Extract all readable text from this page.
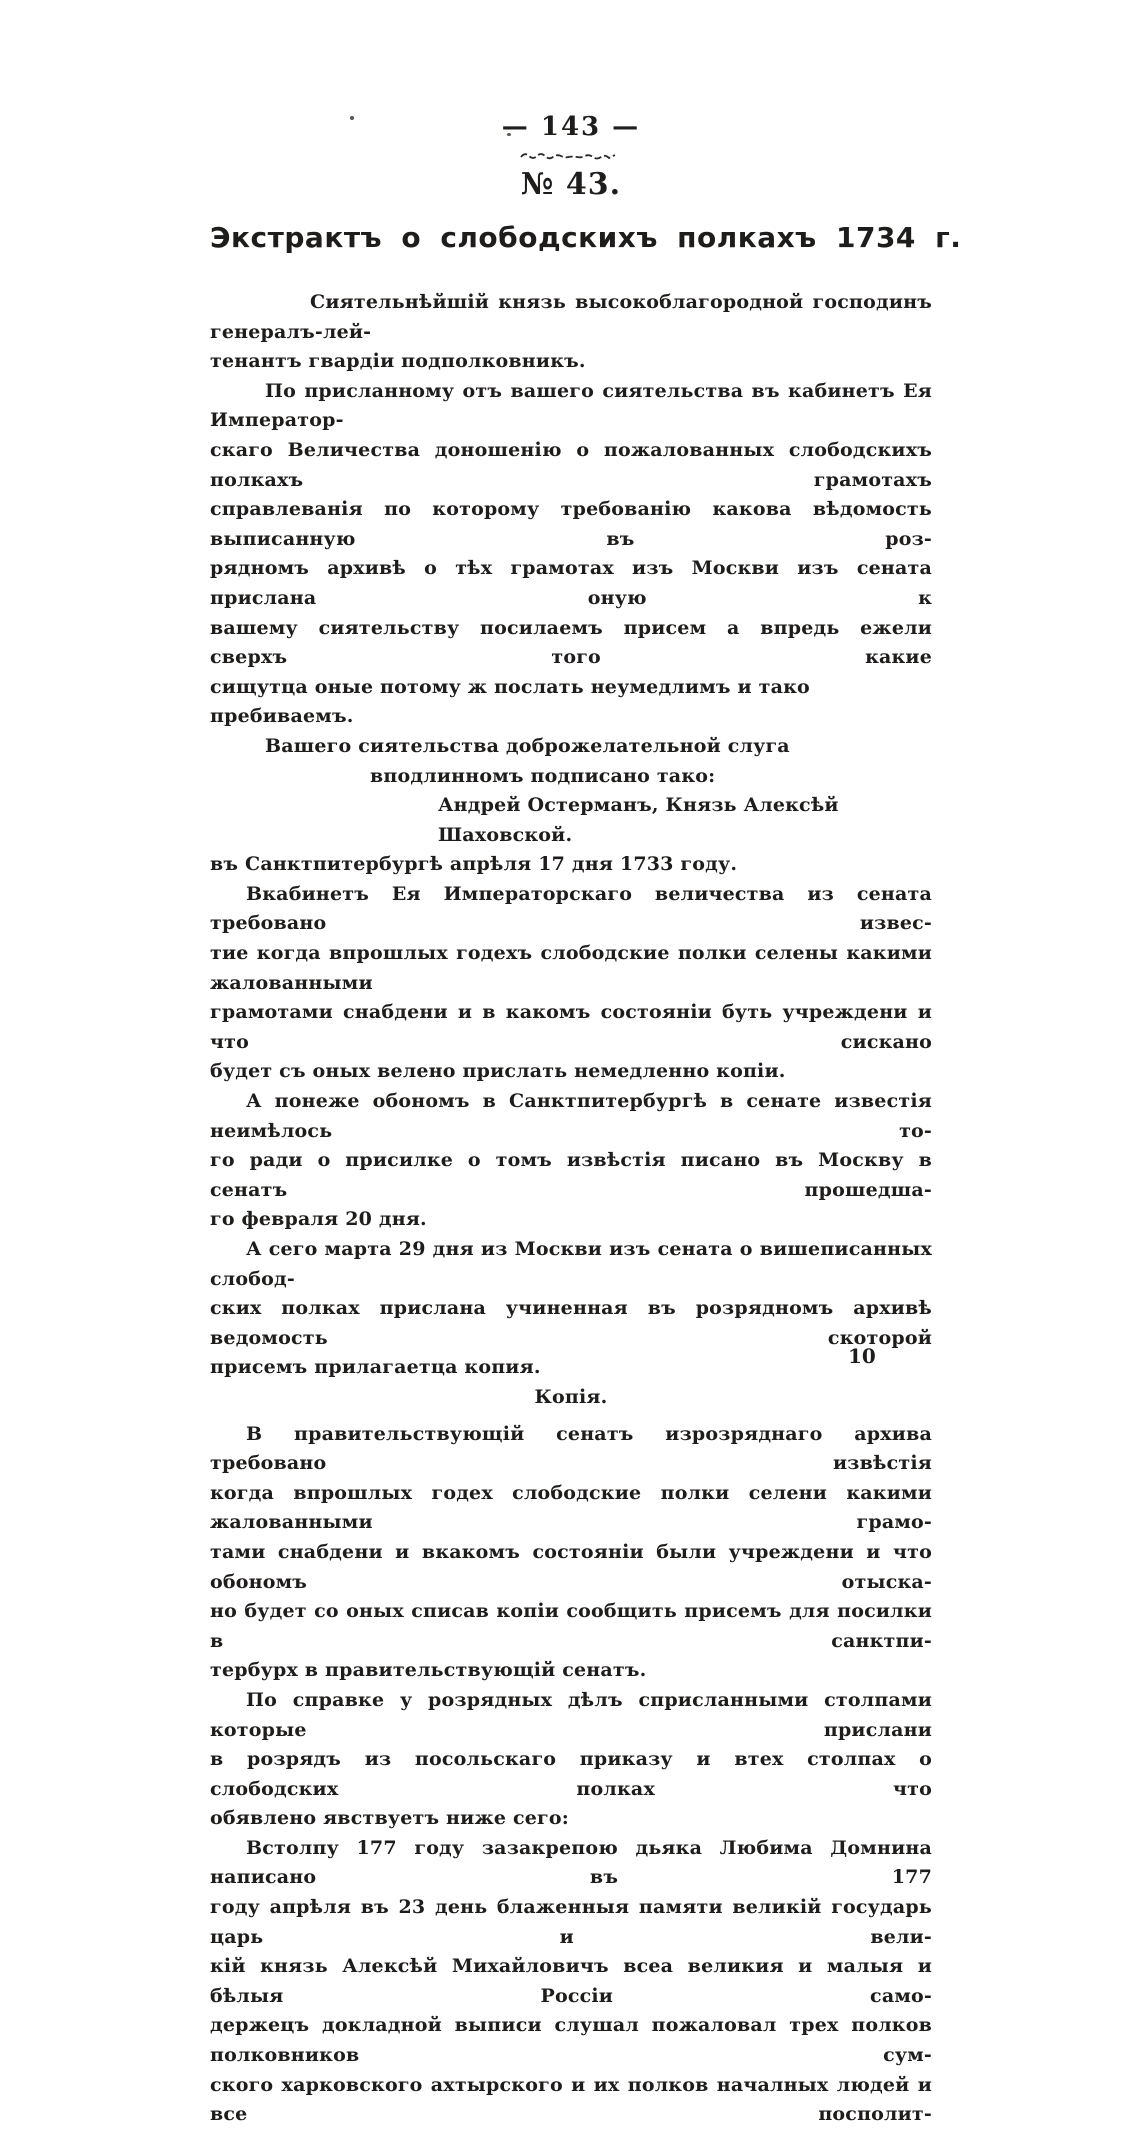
— 143 —
№ 43.
Экстрактъ о слободскихъ полкахъ 1734 г.
Сиятельнѣйшій князь высокоблагородной господинъ генералъ-лей-
тенантъ гвардіи подполковникъ.
По присланному отъ вашего сиятельства въ кабинетъ Ея Император-
скаго Величества доношенію о пожалованных слободскихъ полкахъ грамотахъ
справлеванія по которому требованію какова вѣдомость выписанную въ роз-
рядномъ архивѣ о тѣх грамотах изъ Москви изъ сената прислана оную к
вашему сиятельству посилаемъ присем а впредь ежели сверхъ того какие
сищутца оные потому ж послать неумедлимъ и тако пребиваемъ.
Вашего сиятельства доброжелательной слуга
вподлинномъ подписано тако:
Андрей Остерманъ, Князь Алексѣй Шаховской.
въ Санктпитербургѣ апрѣля 17 дня 1733 году.
Вкабинетъ Ея Императорскаго величества из сената требовано извес-
тие когда впрошлых годехъ слободские полки селены какими жалованными
грамотами снабдени и в какомъ состояніи буть учреждени и что сискано
будет съ оных велено прислать немедленно копіи.
А понеже обономъ в Санктпитербургѣ в сенате известія неимѣлось то-
го ради о присилке о томъ извѣстія писано въ Москву в сенатъ прошедша-
го февраля 20 дня.
А сего марта 29 дня из Москви изъ сената о вишеписанных слобод-
ских полках прислана учиненная въ розрядномъ архивѣ ведомость скоторой
присемъ прилагаетца копия.
Копія.
В правительствующій сенатъ изрозряднаго архива требовано извѣстія
когда впрошлых годех слободские полки селени какими жалованными грамо-
тами снабдени и вкакомъ состояніи были учреждени и что обономъ отыска-
но будет со оных списав копіи сообщить присемъ для посилки в санктпи-
тербурх в правительствующій сенатъ.
По справке у розрядных дѣлъ сприсланными столпами которые прислани
в розрядъ из посольскаго приказу и втех столпах о слободских полках что
обявлено явствуетъ ниже сего:
Встолпу 177 году зазакрепою дьяка Любима Домнина написано въ 177
году апрѣля въ 23 день блаженныя памяти великій государь царь и вели-
кій князь Алексѣй Михайловичъ всеа великия и малыя и бѣлыя Россіи само-
держецъ докладной выписи слушал пожаловал трех полков полковников сум-
ского харковского ахтырского и их полков началных людей и все посполит-
10
